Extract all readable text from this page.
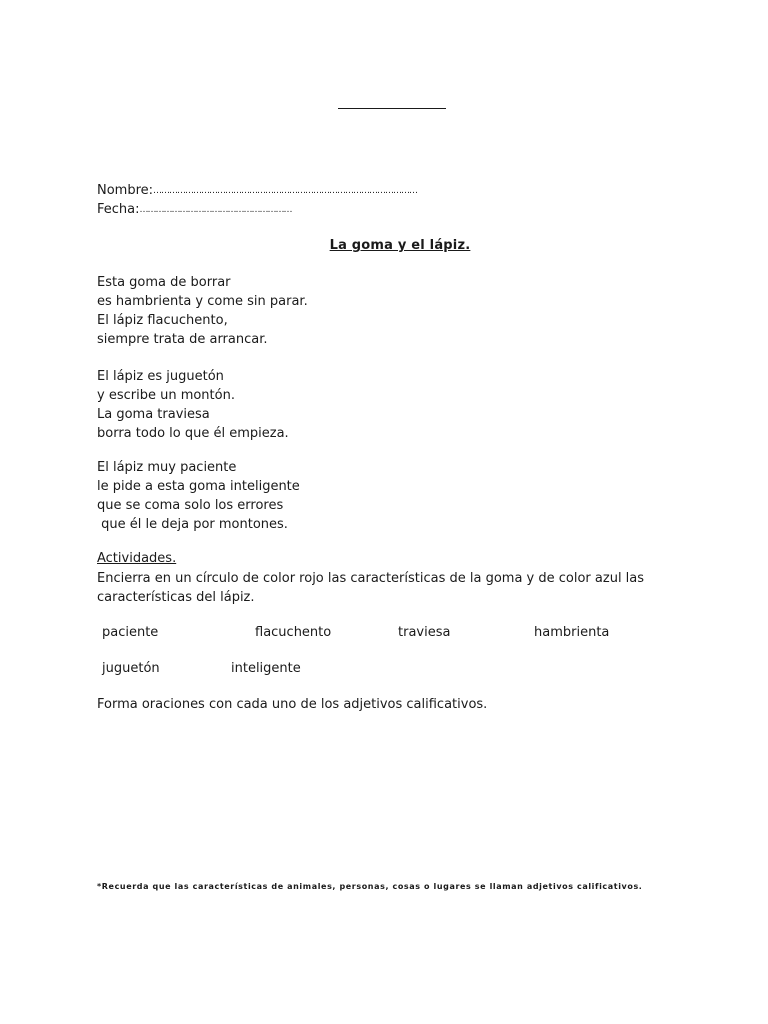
Nombre:………………………………………………………………………………………
Fecha:…………………………………………………
La goma y el lápiz.
Esta goma de borrar
es hambrienta y come sin parar.
El lápiz flacuchento,
siempre trata de arrancar.
El lápiz es juguetón
y escribe un montón.
La goma traviesa
borra todo lo que él empieza.
El lápiz muy paciente
le pide a esta goma inteligente
que se coma solo los errores
que él le deja por montones.
Actividades.
Encierra en un círculo de color rojo las características de la goma y de color azul las características del lápiz.
paciente	flacuchento	traviesa	hambrienta
juguetón	inteligente
Forma oraciones con cada uno de los adjetivos calificativos.
*Recuerda que las características de animales, personas, cosas o lugares se llaman adjetivos calificativos.
